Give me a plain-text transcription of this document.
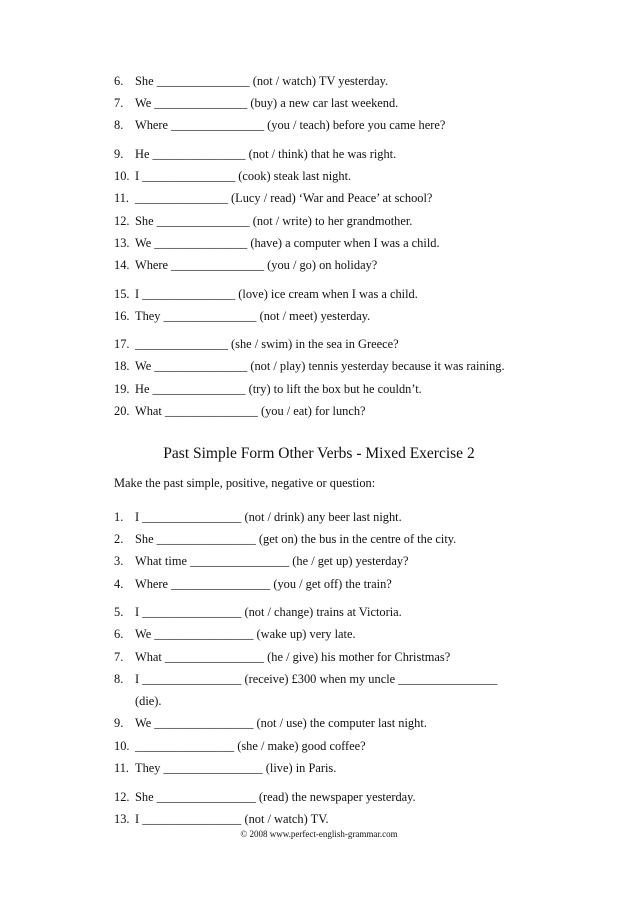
6. She _______________ (not / watch) TV yesterday.
7. We _______________ (buy) a new car last weekend.
8. Where _______________ (you / teach) before you came here?
9. He _______________ (not / think) that he was right.
10. I _______________ (cook) steak last night.
11. _______________ (Lucy / read) ‘War and Peace’ at school?
12. She _______________ (not / write) to her grandmother.
13. We _______________ (have) a computer when I was a child.
14. Where _______________ (you / go) on holiday?
15. I _______________ (love) ice cream when I was a child.
16. They _______________ (not / meet) yesterday.
17. _______________ (she / swim) in the sea in Greece?
18. We _______________ (not / play) tennis yesterday because it was raining.
19. He _______________ (try) to lift the box but he couldn’t.
20. What _______________ (you / eat) for lunch?
Past Simple Form Other Verbs - Mixed Exercise 2
Make the past simple, positive, negative or question:
1. I ________________ (not / drink) any beer last night.
2. She ________________ (get on) the bus in the centre of the city.
3. What time ________________ (he / get up) yesterday?
4. Where ________________ (you / get off) the train?
5. I ________________ (not / change) trains at Victoria.
6. We ________________ (wake up) very late.
7. What ________________ (he / give) his mother for Christmas?
8. I ________________ (receive) £300 when my uncle ________________
(die).
9. We ________________ (not / use) the computer last night.
10. ________________ (she / make) good coffee?
11. They ________________ (live) in Paris.
12. She ________________ (read) the newspaper yesterday.
13. I ________________ (not / watch) TV.
© 2008 www.perfect-english-grammar.com
